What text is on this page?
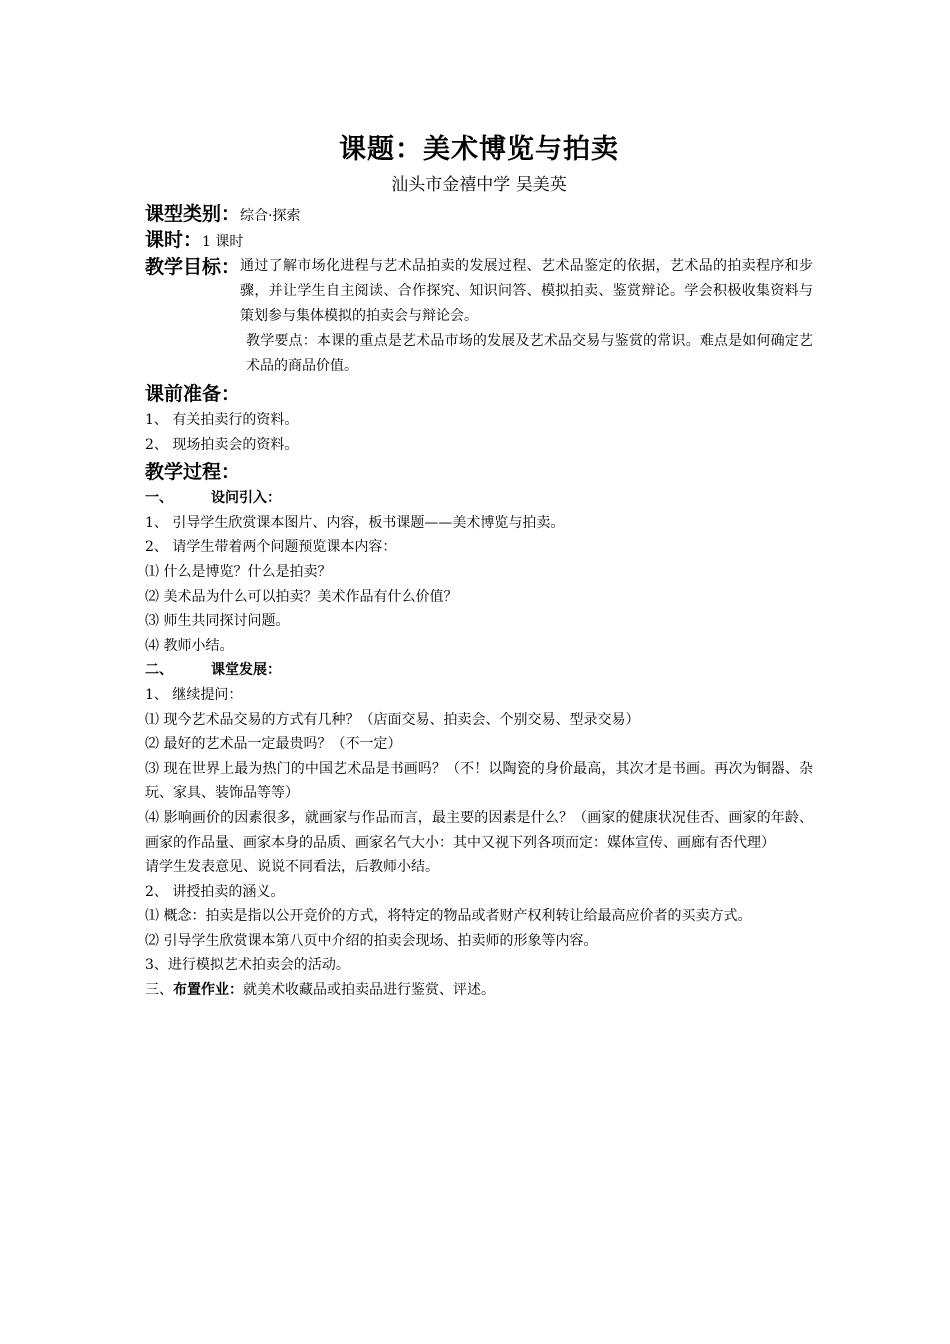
课题：美术博览与拍卖
汕头市金禧中学 吴美英
课型类别：综合·探索
课时：1 课时
教学目标： 通过了解市场化进程与艺术品拍卖的发展过程、艺术品鉴定的依据，艺术品的拍卖程序和步骤，并让学生自主阅读、合作探究、知识问答、模拟拍卖、鉴赏辩论。学会积极收集资料与策划参与集体模拟的拍卖会与辩论会。

教学要点：本课的重点是艺术品市场的发展及艺术品交易与鉴赏的常识。难点是如何确定艺术品的商品价值。

课前准备：

1、 有关拍卖行的资料。

2、 现场拍卖会的资料。

教学过程：
一、	设问引入：

1、 引导学生欣赏课本图片、内容，板书课题——美术博览与拍卖。

2、 请学生带着两个问题预览课本内容：

⑴ 什么是博览？什么是拍卖？

⑵ 美术品为什么可以拍卖？美术作品有什么价值？

⑶ 师生共同探讨问题。

⑷ 教师小结。

二、	课堂发展：

1、 继续提问：

⑴ 现今艺术品交易的方式有几种？（店面交易、拍卖会、个别交易、型录交易）

⑵ 最好的艺术品一定最贵吗？（不一定）

⑶ 现在世界上最为热门的中国艺术品是书画吗？（不！以陶瓷的身价最高，其次才是书画。再次为铜器、杂玩、家具、装饰品等等）

⑷ 影响画价的因素很多，就画家与作品而言，最主要的因素是什么？（画家的健康状况佳否、画家的年龄、画家的作品量、画家本身的品质、画家名气大小：其中又视下列各项而定：媒体宣传、画廊有否代理）

请学生发表意见、说说不同看法，后教师小结。

2、 讲授拍卖的涵义。

⑴ 概念：拍卖是指以公开竞价的方式，将特定的物品或者财产权利转让给最高应价者的买卖方式。

⑵ 引导学生欣赏课本第八页中介绍的拍卖会现场、拍卖师的形象等内容。

3、进行模拟艺术拍卖会的活动。

三、布置作业：就美术收藏品或拍卖品进行鉴赏、评述。
